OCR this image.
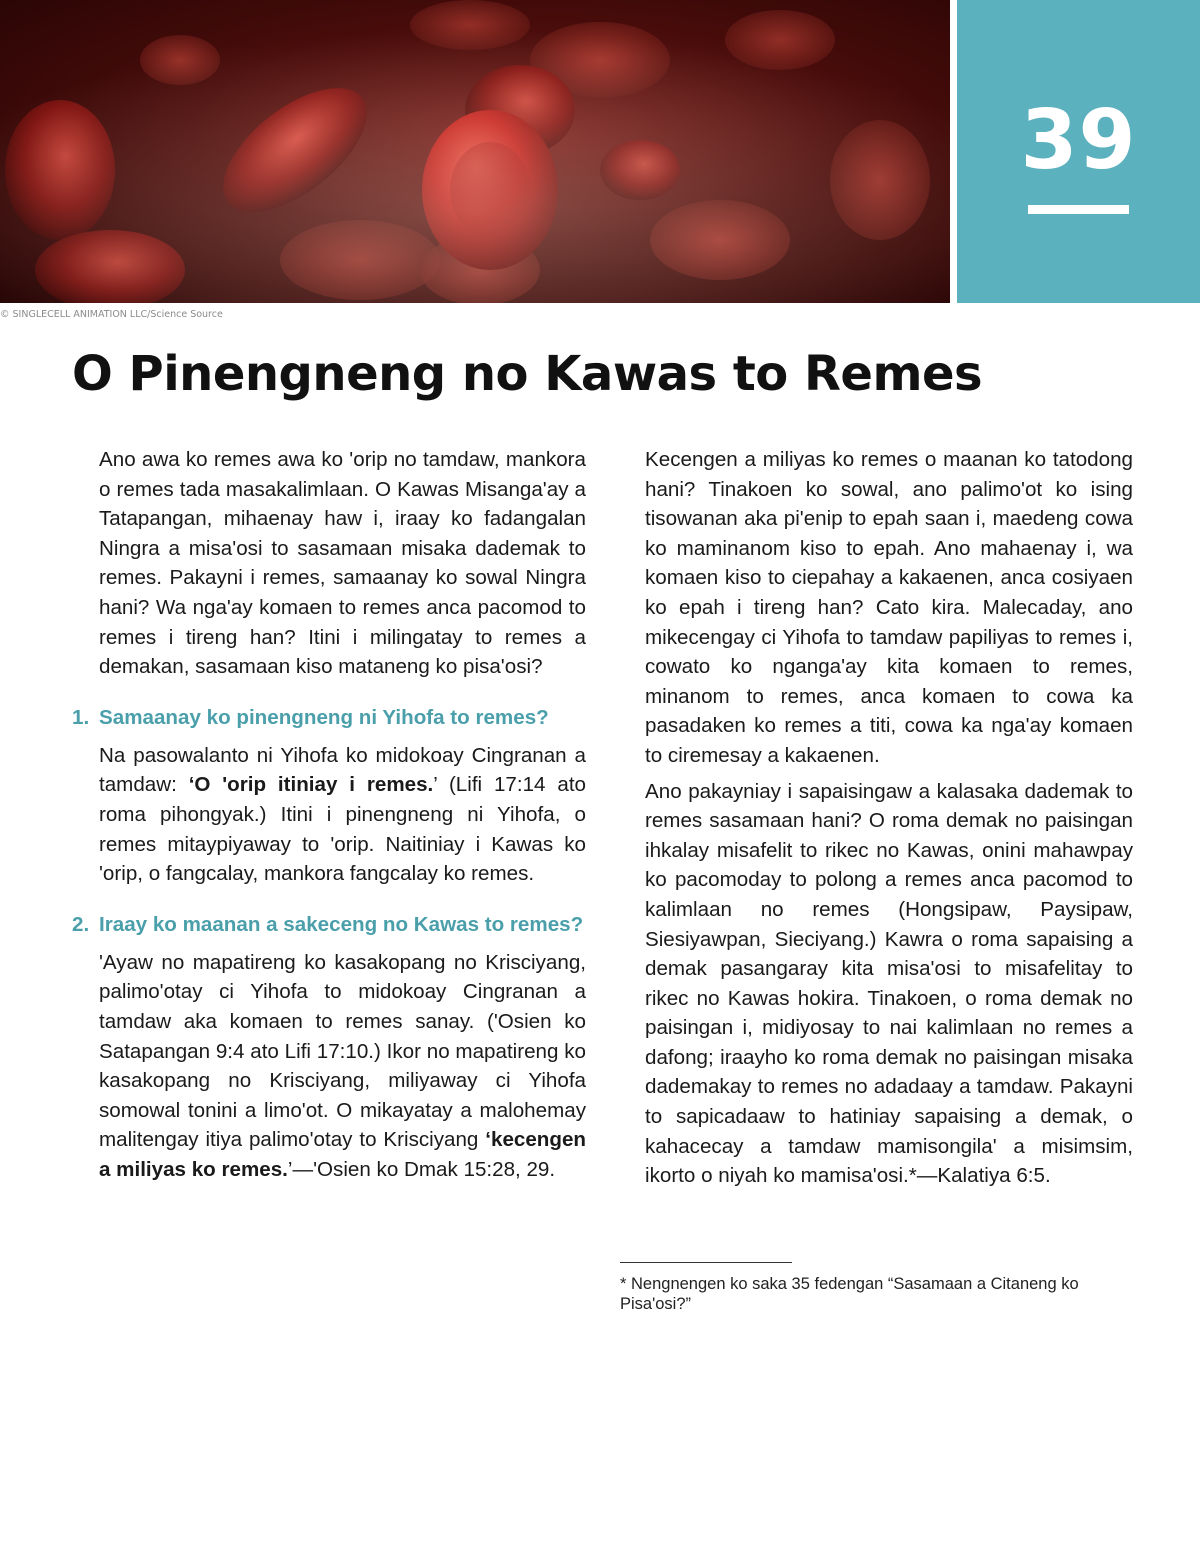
39
© SINGLECELL ANIMATION LLC/Science Source
O Pinengneng no Kawas to Remes

Ano awa ko remes awa ko 'orip no tamdaw, mankora o remes tada masakalimlaan. O Kawas Misanga'ay a Tatapangan, mihaenay haw i, iraay ko fadangalan Ningra a misa'osi to sasamaan misaka dademak to remes. Pakayni i remes, samaanay ko sowal Ningra hani? Wa nga'ay komaen to remes anca pacomod to remes i tireng han? Itini i milingatay to remes a demakan, sasamaan kiso mataneng ko pisa'osi?

1. Samaanay ko pinengneng ni Yihofa to remes?

Na pasowalanto ni Yihofa ko midokoay Cingranan a tamdaw: ‘O 'orip itiniay i remes.’ (Lifi 17:14 ato roma pihongyak.) Itini i pinengneng ni Yihofa, o remes mitaypiyaway to 'orip. Naitiniay i Kawas ko 'orip, o fangcalay, mankora fangcalay ko remes.

2. Iraay ko maanan a sakeceng no Kawas to remes?

'Ayaw no mapatireng ko kasakopang no Krisciyang, palimo'otay ci Yihofa to midokoay Cingranan a tamdaw aka komaen to remes sanay. ('Osien ko Satapangan 9:4 ato Lifi 17:10.) Ikor no mapatireng ko kasakopang no Krisciyang, miliyaway ci Yihofa somowal tonini a limo'ot. O mikayatay a malohemay malitengay itiya palimo'otay to Krisciyang ‘kecengen a miliyas ko remes.’—'Osien ko Dmak 15:28, 29.

Kecengen a miliyas ko remes o maanan ko tatodong hani? Tinakoen ko sowal, ano palimo'ot ko ising tisowanan aka pi'enip to epah saan i, maedeng cowa ko maminanom kiso to epah. Ano mahaenay i, wa komaen kiso to ciepahay a kakaenen, anca cosiyaen ko epah i tireng han? Cato kira. Malecaday, ano mikecengay ci Yihofa to tamdaw papiliyas to remes i, cowato ko nganga'ay kita komaen to remes, minanom to remes, anca komaen to cowa ka pasadaken ko remes a titi, cowa ka nga'ay komaen to ciremesay a kakaenen.

Ano pakayniay i sapaisingaw a kalasaka dademak to remes sasamaan hani? O roma demak no paisingan ihkalay misafelit to rikec no Kawas, onini mahawpay ko pacomoday to polong a remes anca pacomod to kalimlaan no remes (Hongsipaw, Paysipaw, Siesiyawpan, Sieciyang.) Kawra o roma sapaising a demak pasangaray kita misa'osi to misafelitay to rikec no Kawas hokira. Tinakoen, o roma demak no paisingan i, midiyosay to nai kalimlaan no remes a dafong; iraayho ko roma demak no paisingan misaka dademakay to remes no adadaay a tamdaw. Pakayni to sapicadaaw to hatiniay sapaising a demak, o kahacecay a tamdaw mamisongila' a misimsim, ikorto o niyah ko mamisa'osi.*—Kalatiya 6:5.

* Nengnengen ko saka 35 fedengan “Sasamaan a Citaneng ko Pisa'osi?”
